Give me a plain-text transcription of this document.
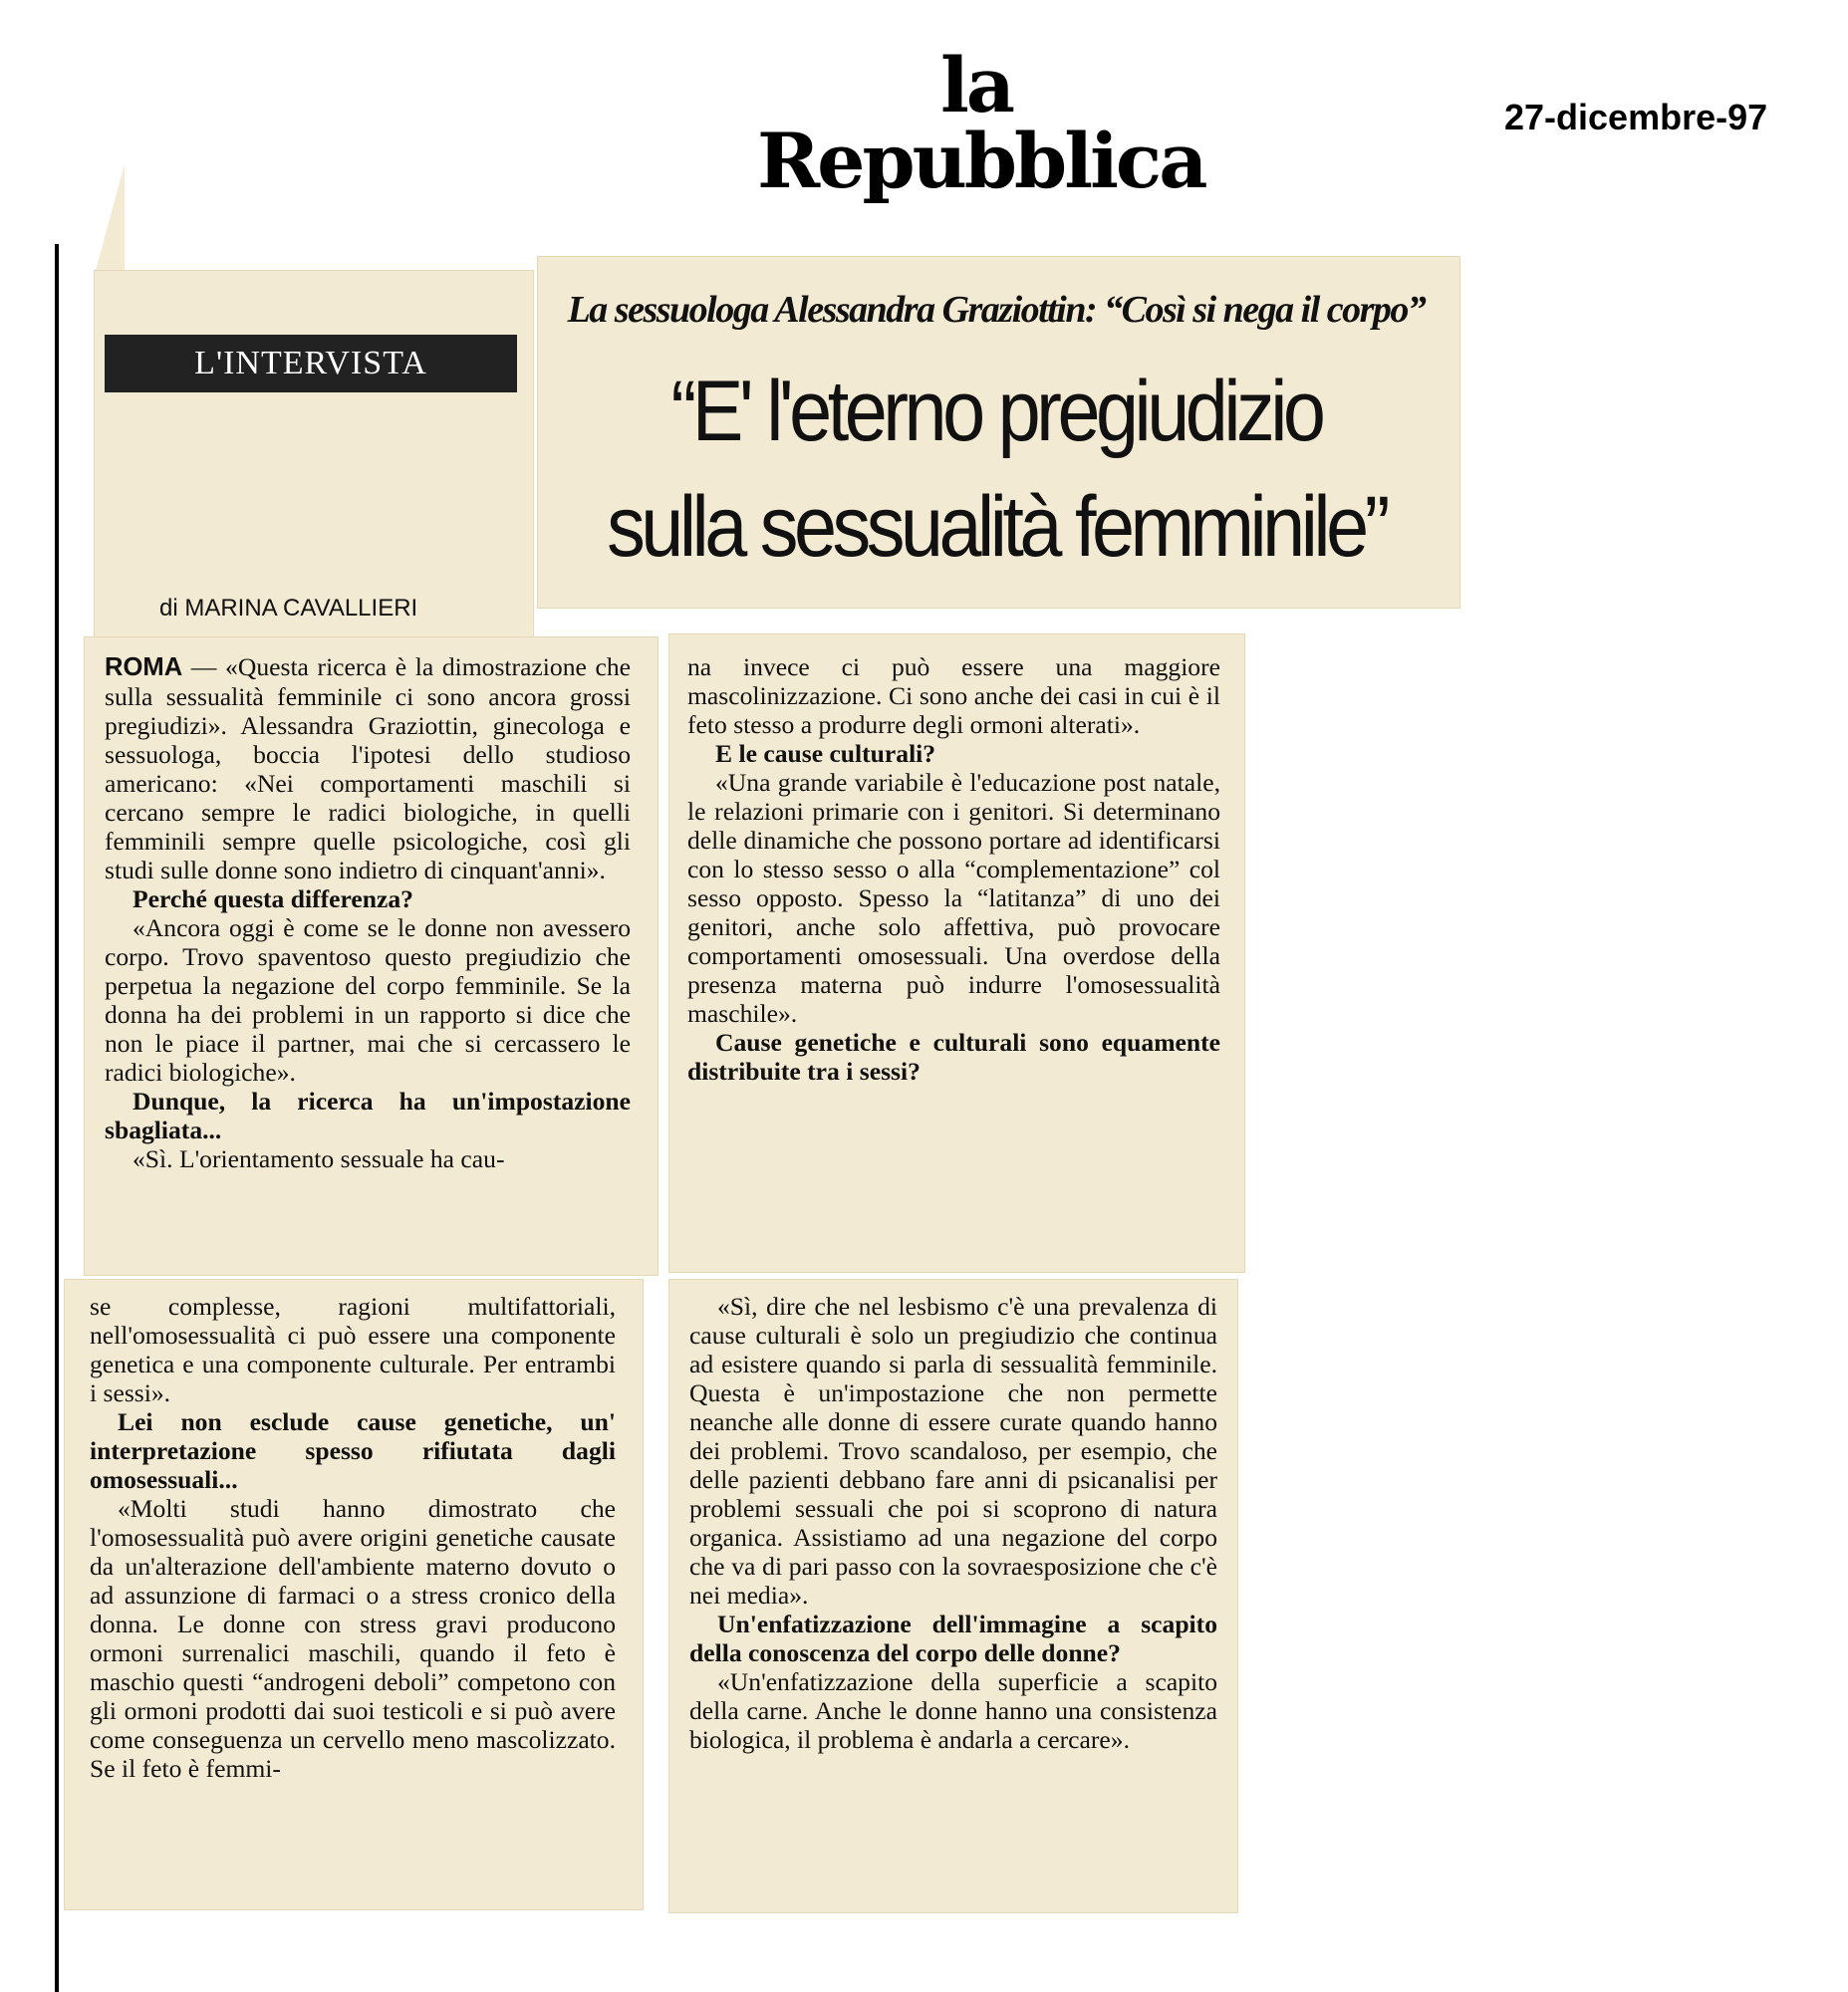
la Repubblica	27-dicembre-97
L'INTERVISTA
di MARINA CAVALLIERI
La sessuologa Alessandra Graziottin: “Così si nega il corpo”
“E' l'eterno pregiudizio
sulla sessualità femminile”

ROMA — «Questa ricerca è la dimostrazione che sulla sessualità femminile ci sono ancora grossi pregiudizi». Alessandra Graziottin, ginecologa e sessuologa, boccia l'ipotesi dello studioso americano: «Nei comportamenti maschili si cercano sempre le radici biologiche, in quelli femminili sempre quelle psicologiche, così gli studi sulle donne sono indietro di cinquant'anni».

Perché questa differenza?

«Ancora oggi è come se le donne non avessero corpo. Trovo spaventoso questo pregiudizio che perpetua la negazione del corpo femminile. Se la donna ha dei problemi in un rapporto si dice che non le piace il partner, mai che si cercassero le radici biologiche».

Dunque, la ricerca ha un'impostazione sbagliata...

«Sì. L'orientamento sessuale ha cau-

se complesse, ragioni multifattoriali, nell'omosessualità ci può essere una componente genetica e una componente culturale. Per entrambi i sessi».

Lei non esclude cause genetiche, un' interpretazione spesso rifiutata dagli omosessuali...

«Molti studi hanno dimostrato che l'omosessualità può avere origini genetiche causate da un'alterazione dell'ambiente materno dovuto o ad assunzione di farmaci o a stress cronico della donna. Le donne con stress gravi producono ormoni surrenalici maschili, quando il feto è maschio questi “androgeni deboli” competono con gli ormoni prodotti dai suoi testicoli e si può avere come conseguenza un cervello meno mascolizzato. Se il feto è femmi-

na invece ci può essere una maggiore mascolinizzazione. Ci sono anche dei casi in cui è il feto stesso a produrre degli ormoni alterati».

E le cause culturali?

«Una grande variabile è l'educazione post natale, le relazioni primarie con i genitori. Si determinano delle dinamiche che possono portare ad identificarsi con lo stesso sesso o alla “complementazione” col sesso opposto. Spesso la “latitanza” di uno dei genitori, anche solo affettiva, può provocare comportamenti omosessuali. Una overdose della presenza materna può indurre l'omosessualità maschile».

Cause genetiche e culturali sono equamente distribuite tra i sessi?

«Sì, dire che nel lesbismo c'è una prevalenza di cause culturali è solo un pregiudizio che continua ad esistere quando si parla di sessualità femminile. Questa è un'impostazione che non permette neanche alle donne di essere curate quando hanno dei problemi. Trovo scandaloso, per esempio, che delle pazienti debbano fare anni di psicanalisi per problemi sessuali che poi si scoprono di natura organica. Assistiamo ad una negazione del corpo che va di pari passo con la sovraesposizione che c'è nei media».

Un'enfatizzazione dell'immagine a scapito della conoscenza del corpo delle donne?

«Un'enfatizzazione della superficie a scapito della carne. Anche le donne hanno una consistenza biologica, il problema è andarla a cercare».
